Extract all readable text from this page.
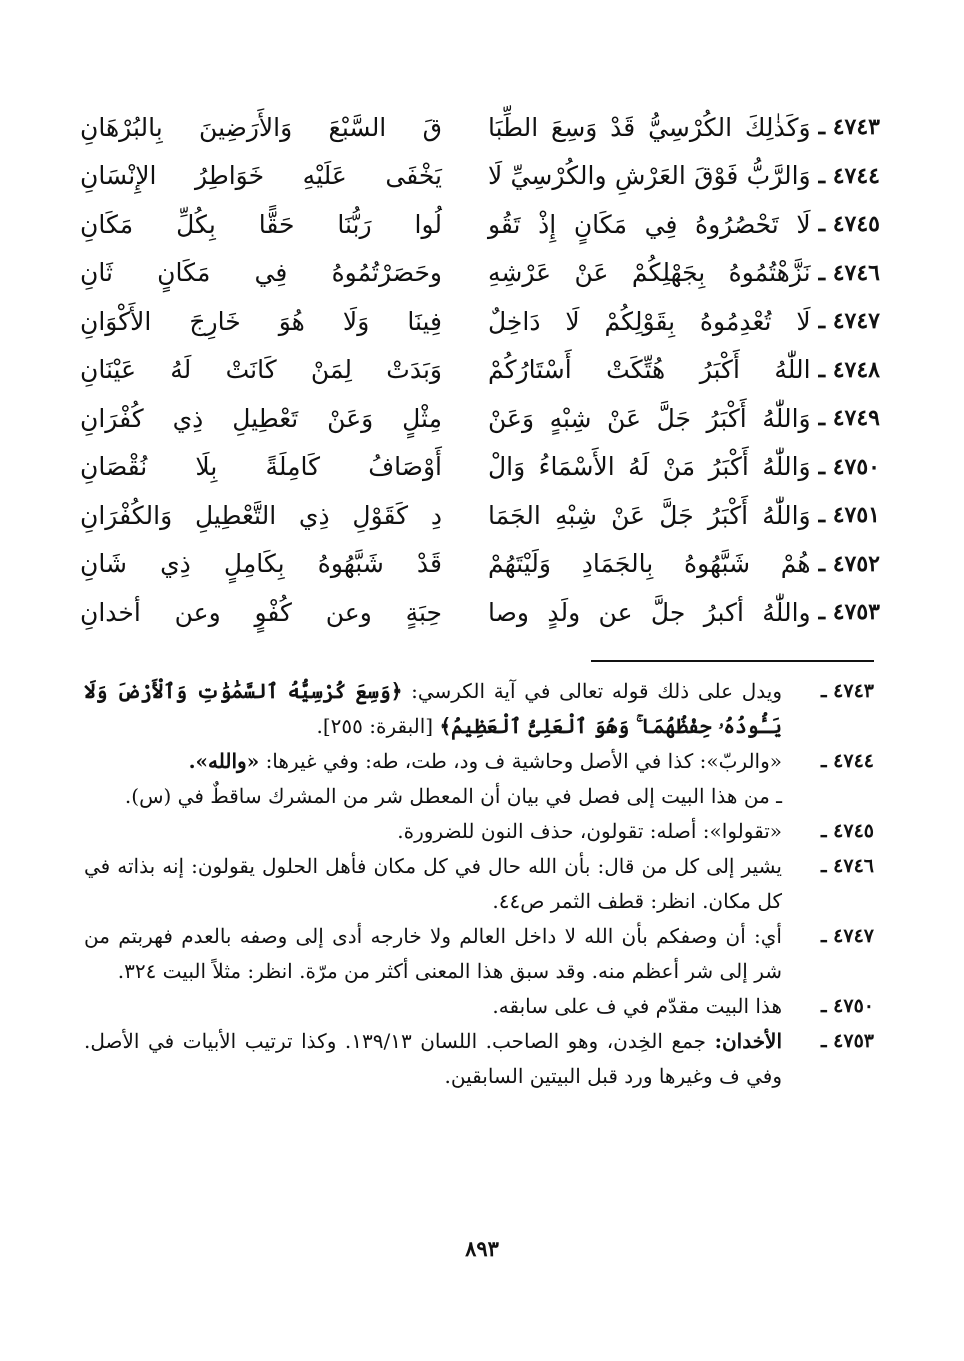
٤٧٤٣ ـ
وَكَذٰلِكَ الكُرْسِيُّ قَدْ وَسِعَ الطِّبَا
قَ السَّبْعَ وَالأَرَضِينَ بِالبُرْهَانِ
٤٧٤٤ ـ
وَالرَّبُّ فَوْقَ العَرْشِ والكُرْسِيِّ لَا
يَخْفَى عَلَيْهِ خَوَاطِرُ الإِنْسَانِ
٤٧٤٥ ـ
لَا تَحْصُرُوهُ فِي مَكَانٍ إِذْ تَقُو
لُوا رَبُّنَا حَقًّا بِكُلِّ مَكَانِ
٤٧٤٦ ـ
نَزَّهْتُمُوهُ بِجَهْلِكُمْ عَنْ عَرْشِهِ
وحَصَرْتُمُوهُ فِي مَكَانٍ ثَانِ
٤٧٤٧ ـ
لَا تُعْدِمُوهُ بِقَوْلِكُمْ لَا دَاخِلٌ
فِينَا وَلَا هُوَ خَارِجَ الأَكْوَانِ
٤٧٤٨ ـ
اللّٰهُ أَكْبَرُ هُتِّكَتْ أَسْتَارُكُمْ
وَبَدَتْ لِمَنْ كَانَتْ لَهُ عَيْنَانِ
٤٧٤٩ ـ
وَاللّٰهُ أَكْبَرُ جَلَّ عَنْ شِبْهٍ وَعَنْ
مِثْلٍ وَعَنْ تَعْطِيلِ ذِي كُفْرَانِ
٤٧٥٠ ـ
وَاللّٰهُ أَكْبَرُ مَنْ لَهُ الأَسْمَاءُ وَالْ
أَوْصَافُ كَامِلَةً بِلَا نُقْصَانِ
٤٧٥١ ـ
وَاللّٰهُ أَكْبَرُ جَلَّ عَنْ شِبْهِ الجَمَا
دِ كَقَوْلِ ذِي التَّعْطِيلِ وَالكُفْرَانِ
٤٧٥٢ ـ
هُمْ شَبَّهُوهُ بِالجَمَادِ وَلَيْتَهُمْ
قَدْ شَبَّهُوهُ بِكَامِلٍ ذِي شَانِ
٤٧٥٣ ـ
واللّٰهُ أكبرُ جلَّ عن ولَدٍ وصا
حِبَةٍ وعن كُفْوٍ وعن أخدانِ
٤٧٤٣ ـ
ويدل على ذلك قوله تعالى في آية الكرسي: ﴿وَسِعَ كُرْسِيُّهُ ٱلسَّمَٰوَٰتِ وَٱلْأَرْضَ وَلَا يَـُٔودُهُۥ حِفْظُهُمَا ۚ وَهُوَ ٱلْعَلِىُّ ٱلْعَظِيمُ﴾ [البقرة: ٢٥٥].
٤٧٤٤ ـ
«والربّ»: كذا في الأصل وحاشية ف ود، طت، طه: وفي غيرها: «والله».
ـ من هذا البيت إلى فصل في بيان أن المعطل شر من المشرك ساقطٌ في (س).
٤٧٤٥ ـ
«تقولوا»: أصله: تقولون، حذف النون للضرورة.
٤٧٤٦ ـ
يشير إلى كل من قال: بأن الله حال في كل مكان فأهل الحلول يقولون: إنه بذاته في كل مكان. انظر: قطف الثمر ص٤٤.
٤٧٤٧ ـ
أي: أن وصفكم بأن الله لا داخل العالم ولا خارجه أدى إلى وصفه بالعدم فهربتم من شر إلى شر أعظم منه. وقد سبق هذا المعنى أكثر من مرّة. انظر: مثلاً البيت ٣٢٤.
٤٧٥٠ ـ
هذا البيت مقدّم في ف على سابقه.
٤٧٥٣ ـ
الأخدان: جمع الخِدن، وهو الصاحب. اللسان ١٣٩/١٣. وكذا ترتيب الأبيات في الأصل. وفي ف وغيرها ورد قبل البيتين السابقين.
٨٩٣
